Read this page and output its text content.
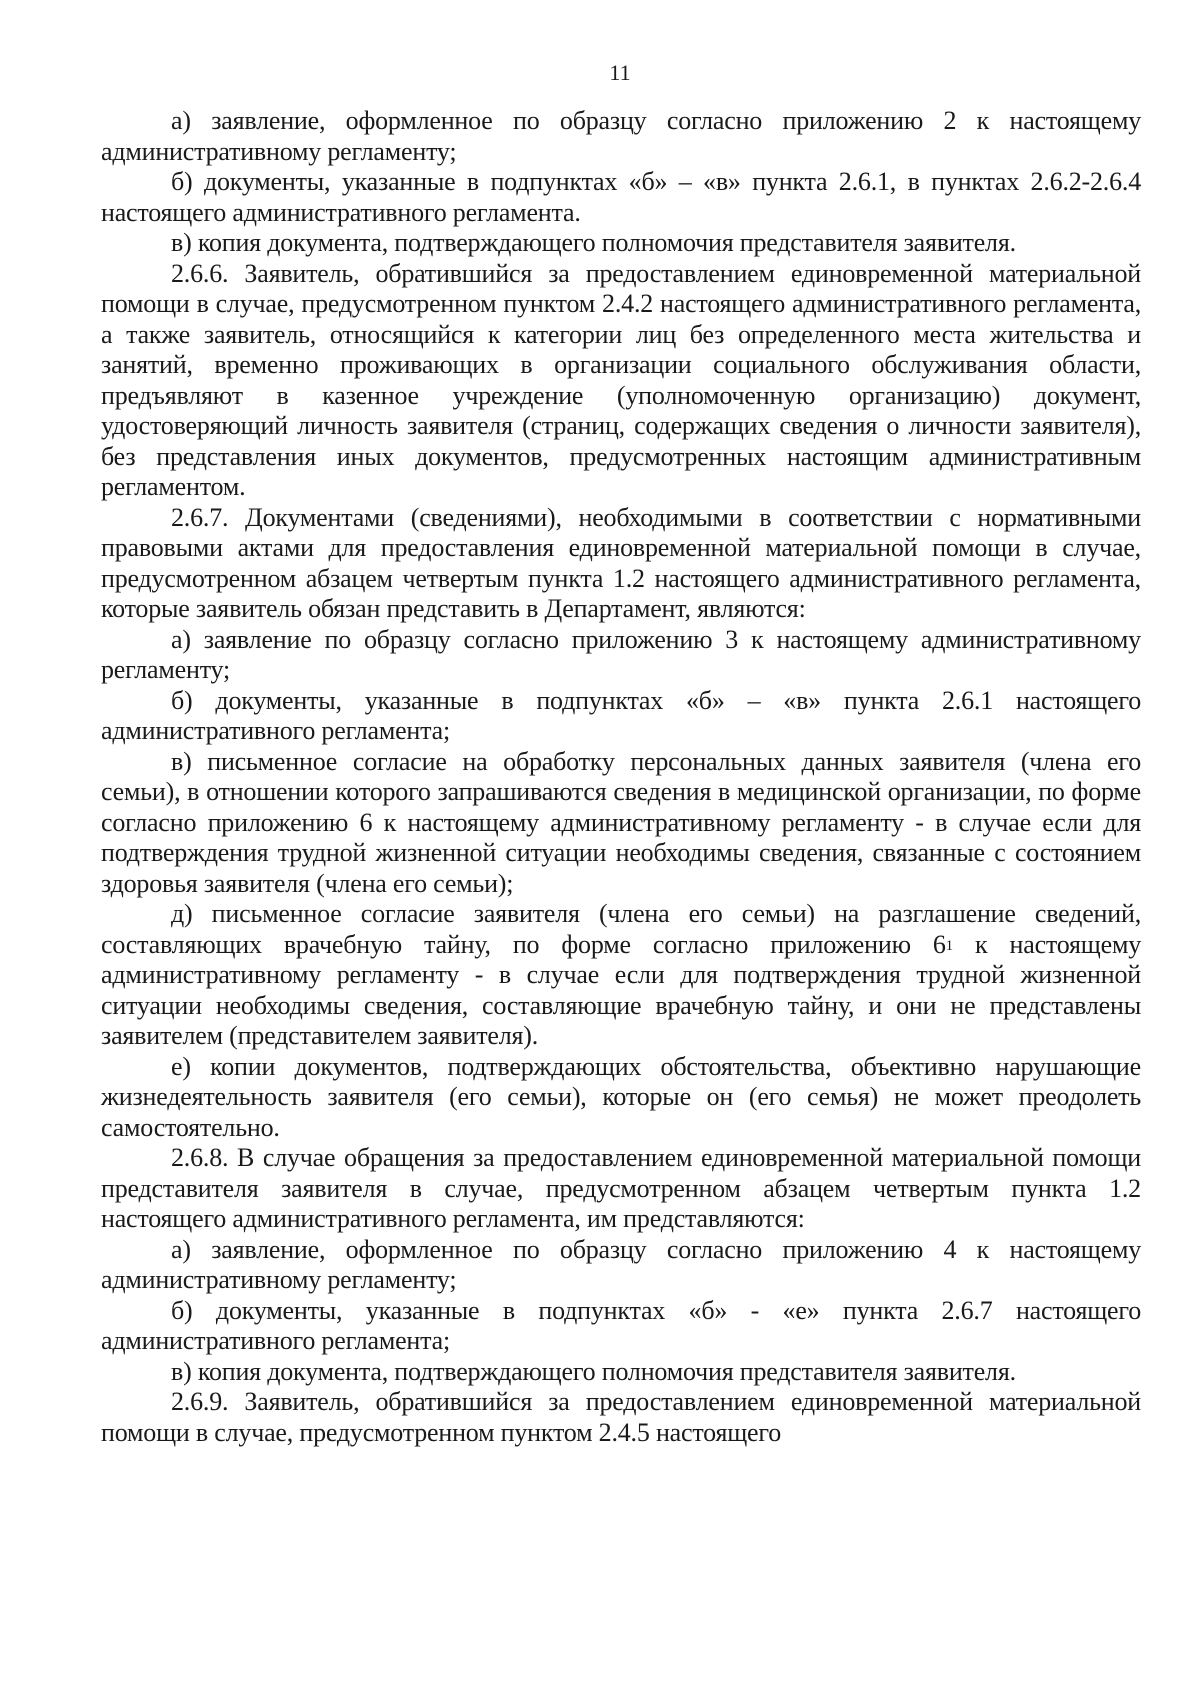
11

а) заявление, оформленное по образцу согласно приложению 2 к настоящему административному регламенту;

б) документы, указанные в подпунктах «б» – «в» пункта 2.6.1, в пунктах 2.6.2-2.6.4 настоящего административного регламента.

в) копия документа, подтверждающего полномочия представителя заявителя.

2.6.6. Заявитель, обратившийся за предоставлением единовременной материальной помощи в случае, предусмотренном пунктом 2.4.2 настоящего административного регламента, а также заявитель, относящийся к категории лиц без определенного места жительства и занятий, временно проживающих в организации социального обслуживания области, предъявляют в казенное учреждение (уполномоченную организацию) документ, удостоверяющий личность заявителя (страниц, содержащих сведения о личности заявителя), без представления иных документов, предусмотренных настоящим административным регламентом.

2.6.7. Документами (сведениями), необходимыми в соответствии с нормативными правовыми актами для предоставления единовременной материальной помощи в случае, предусмотренном абзацем четвертым пункта 1.2 настоящего административного регламента, которые заявитель обязан представить в Департамент, являются:

а) заявление по образцу согласно приложению 3 к настоящему административному регламенту;

б) документы, указанные в подпунктах «б» – «в» пункта 2.6.1 настоящего административного регламента;

в) письменное согласие на обработку персональных данных заявителя (члена его семьи), в отношении которого запрашиваются сведения в медицинской организации, по форме согласно приложению 6 к настоящему административному регламенту - в случае если для подтверждения трудной жизненной ситуации необходимы сведения, связанные с состоянием здоровья заявителя (члена его семьи);

д) письменное согласие заявителя (члена его семьи) на разглашение сведений, составляющих врачебную тайну, по форме согласно приложению $6^1$ к настоящему административному регламенту - в случае если для подтверждения трудной жизненной ситуации необходимы сведения, составляющие врачебную тайну, и они не представлены заявителем (представителем заявителя).

е) копии документов, подтверждающих обстоятельства, объективно нарушающие жизнедеятельность заявителя (его семьи), которые он (его семья) не может преодолеть самостоятельно.

2.6.8. В случае обращения за предоставлением единовременной материальной помощи представителя заявителя в случае, предусмотренном абзацем четвертым пункта 1.2 настоящего административного регламента, им представляются:

а) заявление, оформленное по образцу согласно приложению 4 к настоящему административному регламенту;

б) документы, указанные в подпунктах «б» - «е» пункта 2.6.7 настоящего административного регламента;

в) копия документа, подтверждающего полномочия представителя заявителя.

2.6.9. Заявитель, обратившийся за предоставлением единовременной материальной помощи в случае, предусмотренном пунктом 2.4.5 настоящего
